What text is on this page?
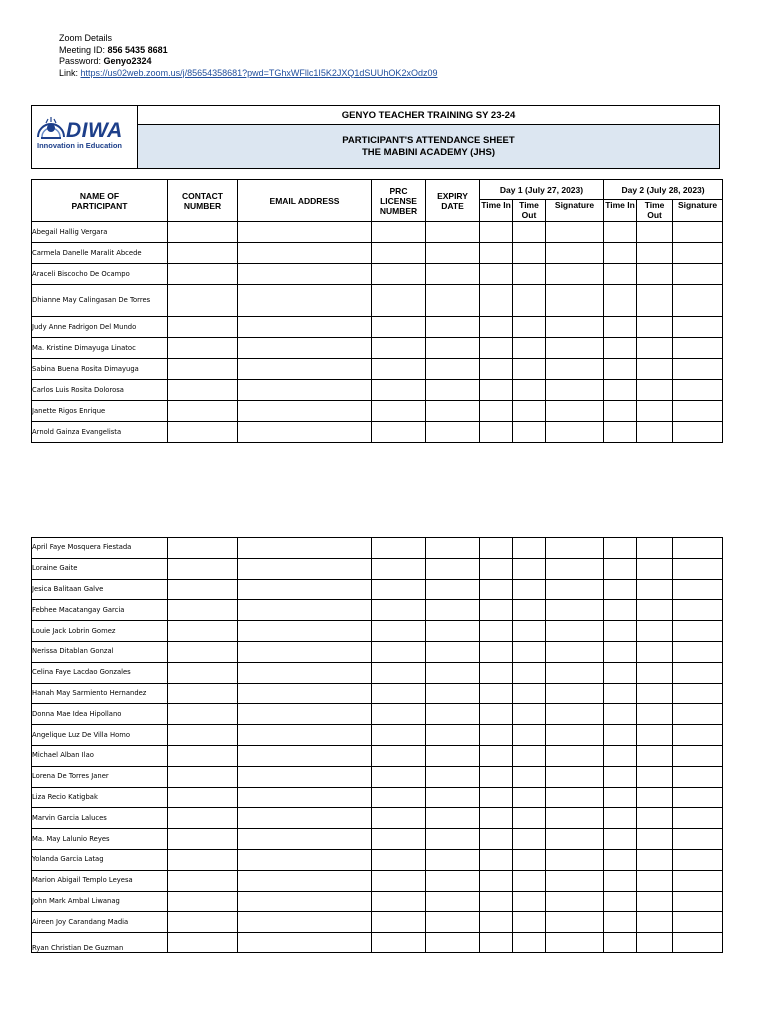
Zoom Details
Meeting ID: 856 5435 8681
Password: Genyo2324
Link: https://us02web.zoom.us/j/85654358681?pwd=TGhxWFllc1I5K2JXQ1dSUUhOK2xOdz09
DIWA
Innovation in Education
GENYO TEACHER TRAINING SY 23-24
PARTICIPANT'S ATTENDANCE SHEET
THE MABINI ACADEMY (JHS)
NAME OF PARTICIPANT	CONTACT NUMBER	EMAIL ADDRESS	PRC LICENSE NUMBER	EXPIRY DATE	Day 1 (July 27, 2023)			Day 2 (July 28, 2023)		
					Time In	Time Out	Signature	Time In	Time Out	Signature
Abegail Hallig Vergara										
Carmela Danelle Maralit Abcede										
Araceli Biscocho De Ocampo										
Dhianne May Calingasan De Torres										
Judy Anne Fadrigon Del Mundo										
Ma. Kristine Dimayuga Linatoc										
Sabina Buena Rosita Dimayuga										
Carlos Luis Rosita Dolorosa										
Janette Rigos Enrique										
Arnold Gainza Evangelista										
April Faye Mosquera Fiestada										
Loraine Gaite										
Jesica Balitaan Galve										
Febhee Macatangay Garcia										
Louie Jack Lobrin Gomez										
Nerissa Ditablan Gonzal										
Celina Faye Lacdao Gonzales										
Hanah May Sarmiento Hernandez										
Donna Mae Idea Hipollano										
Angelique Luz De Villa Homo										
Michael Alban Ilao										
Lorena De Torres Janer										
Liza Recio Katigbak										
Marvin Garcia Laluces										
Ma. May Lalunio Reyes										
Yolanda Garcia Latag										
Marion Abigail Templo Leyesa										
John Mark Ambal Liwanag										
Aireen Joy Carandang Madia										
Ryan Christian De Guzman										
